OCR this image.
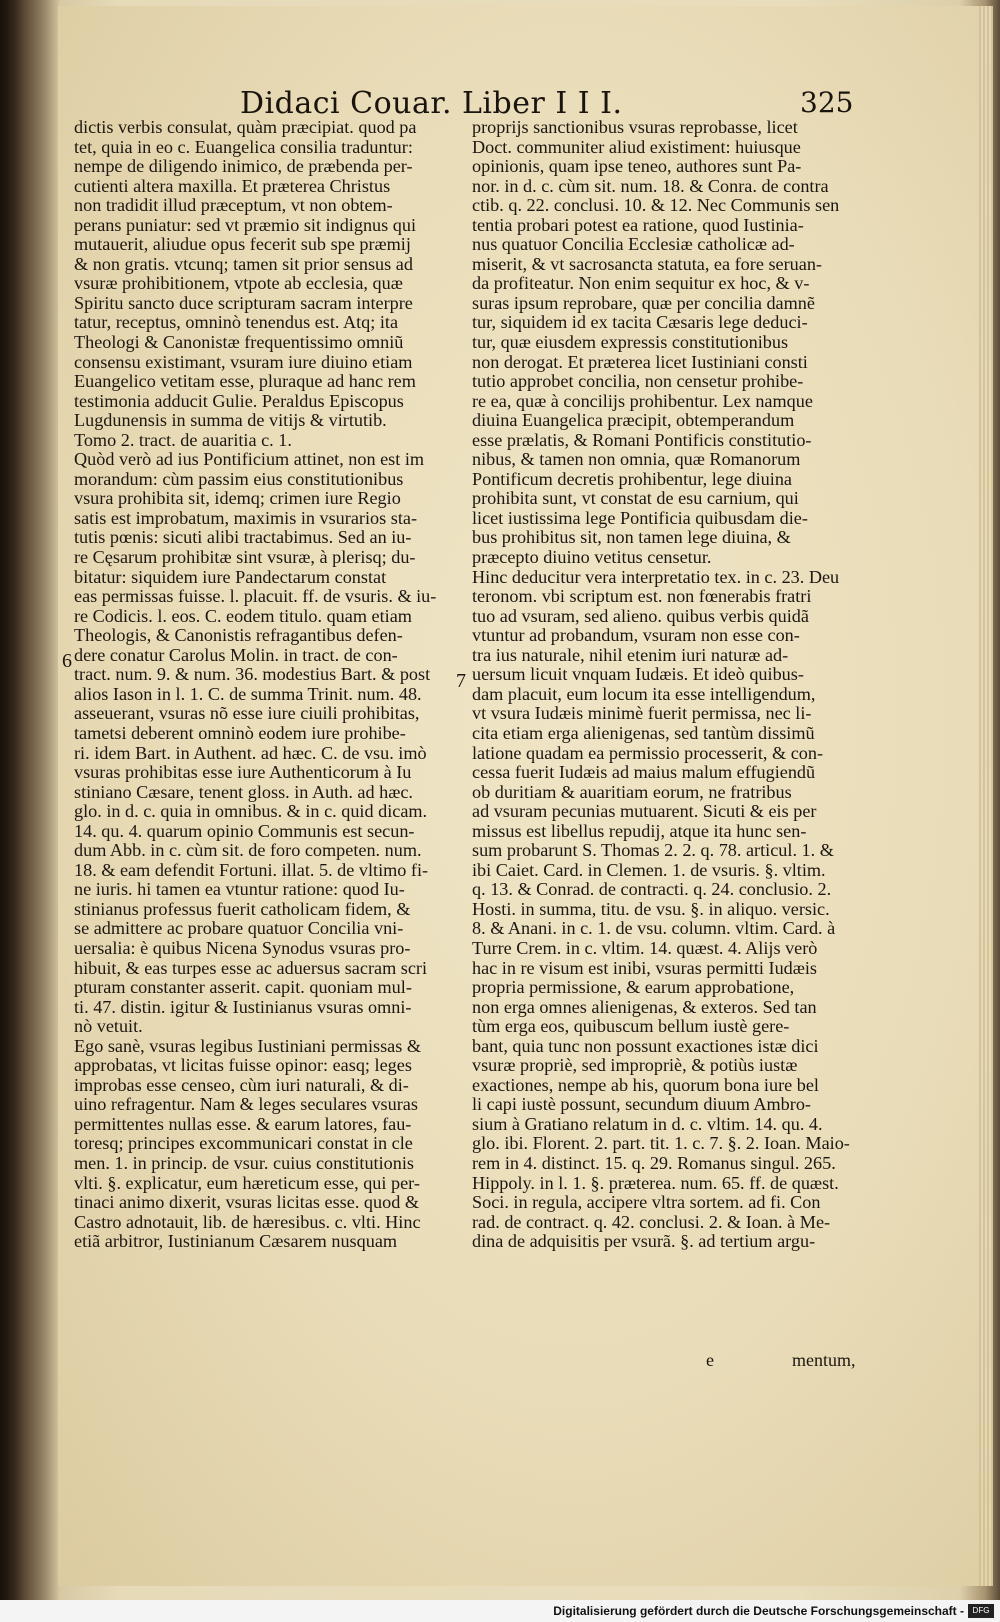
Didaci Couar. Liber I I I.	325
dictis verbis consulat, quàm præcipiat. quod pa
tet, quia in eo c. Euangelica consilia traduntur:
nempe de diligendo inimico, de præbenda per-
cutienti altera maxilla. Et præterea Christus
non tradidit illud præceptum, vt non obtem-
perans puniatur: sed vt præmio sit indignus qui
mutauerit, aliudue opus fecerit sub spe præmij
& non gratis. vtcunq; tamen sit prior sensus ad
vsuræ prohibitionem, vtpote ab ecclesia, quæ
Spiritu sancto duce scripturam sacram interpre
tatur, receptus, omninò tenendus est. Atq; ita
Theologi & Canonistæ frequentissimo omniũ
consensu existimant, vsuram iure diuino etiam
Euangelico vetitam esse, pluraque ad hanc rem
testimonia adducit Gulie. Peraldus Episcopus
Lugdunensis in summa de vitijs & virtutib.
Tomo 2. tract. de auaritia c. 1.
Quòd verò ad ius Pontificium attinet, non est im
morandum: cùm passim eius constitutionibus
vsura prohibita sit, idemq; crimen iure Regio
satis est improbatum, maximis in vsurarios sta-
tutis pœnis: sicuti alibi tractabimus. Sed an iu-
re Cęsarum prohibitæ sint vsuræ, à plerisq; du-
bitatur: siquidem iure Pandectarum constat
eas permissas fuisse. l. placuit. ff. de vsuris. & iu-
re Codicis. l. eos. C. eodem titulo. quam etiam
Theologis, & Canonistis refragantibus defen-
dere conatur Carolus Molin. in tract. de con-
tract. num. 9. & num. 36. modestius Bart. & post
alios Iason in l. 1. C. de summa Trinit. num. 48.
asseuerant, vsuras nõ esse iure ciuili prohibitas,
tametsi deberent omninò eodem iure prohibe-
ri. idem Bart. in Authent. ad hæc. C. de vsu. imò
vsuras prohibitas esse iure Authenticorum à Iu
stiniano Cæsare, tenent gloss. in Auth. ad hæc.
glo. in d. c. quia in omnibus. & in c. quid dicam.
14. qu. 4. quarum opinio Communis est secun-
dum Abb. in c. cùm sit. de foro competen. num.
18. & eam defendit Fortuni. illat. 5. de vltimo fi-
ne iuris. hi tamen ea vtuntur ratione: quod Iu-
stinianus professus fuerit catholicam fidem, &
se admittere ac probare quatuor Concilia vni-
uersalia: è quibus Nicena Synodus vsuras pro-
hibuit, & eas turpes esse ac aduersus sacram scri
pturam constanter asserit. capit. quoniam mul-
ti. 47. distin. igitur & Iustinianus vsuras omni-
nò vetuit.
Ego sanè, vsuras legibus Iustiniani permissas &
approbatas, vt licitas fuisse opinor: easq; leges
improbas esse censeo, cùm iuri naturali, & di-
uino refragentur. Nam & leges seculares vsuras
permittentes nullas esse. & earum latores, fau-
toresq; principes excommunicari constat in cle
men. 1. in princip. de vsur. cuius constitutionis
vlti. §. explicatur, eum hæreticum esse, qui per-
tinaci animo dixerit, vsuras licitas esse. quod &
Castro adnotauit, lib. de hæresibus. c. vlti. Hinc
etiã arbitror, Iustinianum Cæsarem nusquam
proprijs sanctionibus vsuras reprobasse, licet
Doct. communiter aliud existiment: huiusque
opinionis, quam ipse teneo, authores sunt Pa-
nor. in d. c. cùm sit. num. 18. & Conra. de contra
ctib. q. 22. conclusi. 10. & 12. Nec Communis sen
tentia probari potest ea ratione, quod Iustinia-
nus quatuor Concilia Ecclesiæ catholicæ ad-
miserit, & vt sacrosancta statuta, ea fore seruan-
da profiteatur. Non enim sequitur ex hoc, & v-
suras ipsum reprobare, quæ per concilia damnẽ
tur, siquidem id ex tacita Cæsaris lege deduci-
tur, quæ eiusdem expressis constitutionibus
non derogat. Et præterea licet Iustiniani consti
tutio approbet concilia, non censetur prohibe-
re ea, quæ à concilijs prohibentur. Lex namque
diuina Euangelica præcipit, obtemperandum
esse prælatis, & Romani Pontificis constitutio-
nibus, & tamen non omnia, quæ Romanorum
Pontificum decretis prohibentur, lege diuina
prohibita sunt, vt constat de esu carnium, qui
licet iustissima lege Pontificia quibusdam die-
bus prohibitus sit, non tamen lege diuina, &
præcepto diuino vetitus censetur.
Hinc deducitur vera interpretatio tex. in c. 23. Deu
teronom. vbi scriptum est. non fœnerabis fratri
tuo ad vsuram, sed alieno. quibus verbis quidã
vtuntur ad probandum, vsuram non esse con-
tra ius naturale, nihil etenim iuri naturæ ad-
uersum licuit vnquam Iudæis. Et ideò quibus-
dam placuit, eum locum ita esse intelligendum,
vt vsura Iudæis minimè fuerit permissa, nec li-
cita etiam erga alienigenas, sed tantùm dissimũ
latione quadam ea permissio processerit, & con-
cessa fuerit Iudæis ad maius malum effugiendũ
ob duritiam & auaritiam eorum, ne fratribus
ad vsuram pecunias mutuarent. Sicuti & eis per
missus est libellus repudij, atque ita hunc sen-
sum probarunt S. Thomas 2. 2. q. 78. articul. 1. &
ibi Caiet. Card. in Clemen. 1. de vsuris. §. vltim.
q. 13. & Conrad. de contracti. q. 24. conclusio. 2.
Hosti. in summa, titu. de vsu. §. in aliquo. versic.
8. & Anani. in c. 1. de vsu. column. vltim. Card. à
Turre Crem. in c. vltim. 14. quæst. 4. Alijs verò
hac in re visum est inibi, vsuras permitti Iudæis
propria permissione, & earum approbatione,
non erga omnes alienigenas, & exteros. Sed tan
tùm erga eos, quibuscum bellum iustè gere-
bant, quia tunc non possunt exactiones istæ dici
vsuræ propriè, sed impropriè, & potiùs iustæ
exactiones, nempe ab his, quorum bona iure bel
li capi iustè possunt, secundum diuum Ambro-
sium à Gratiano relatum in d. c. vltim. 14. qu. 4.
glo. ibi. Florent. 2. part. tit. 1. c. 7. §. 2. Ioan. Maio-
rem in 4. distinct. 15. q. 29. Romanus singul. 265.
Hippoly. in l. 1. §. præterea. num. 65. ff. de quæst.
Soci. in regula, accipere vltra sortem. ad fi. Con
rad. de contract. q. 42. conclusi. 2. & Ioan. à Me-
dina de adquisitis per vsurã. §. ad tertium argu-
6
7
e	mentum,
Digitalisierung gefördert durch die Deutsche Forschungsgemeinschaft -	DFG
